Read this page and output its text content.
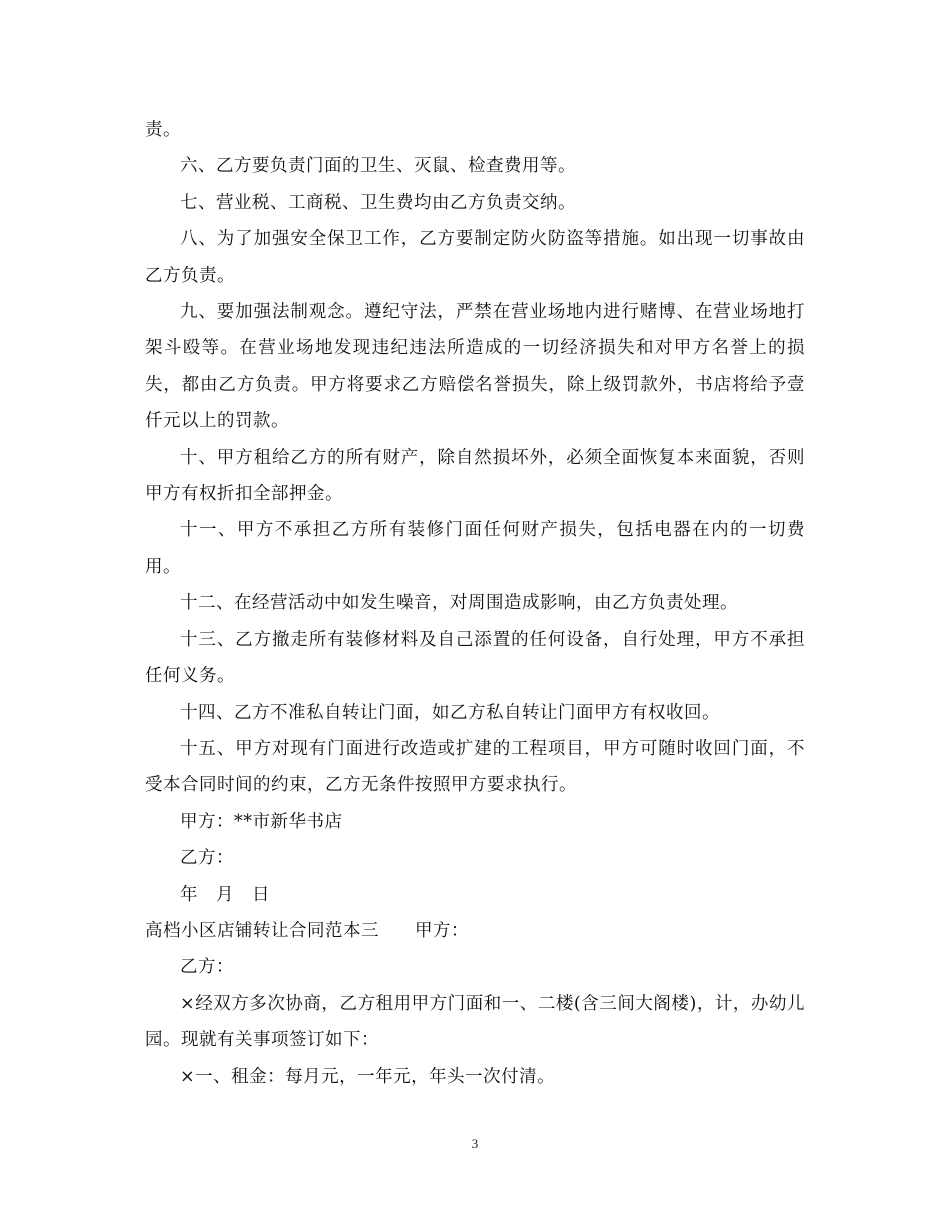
责。

六、乙方要负责门面的卫生、灭鼠、检查费用等。

七、营业税、工商税、卫生费均由乙方负责交纳。

八、为了加强安全保卫工作，乙方要制定防火防盗等措施。如出现一切事故由乙方负责。

九、要加强法制观念。遵纪守法，严禁在营业场地内进行赌博、在营业场地打架斗殴等。在营业场地发现违纪违法所造成的一切经济损失和对甲方名誉上的损失，都由乙方负责。甲方将要求乙方赔偿名誉损失，除上级罚款外，书店将给予壹仟元以上的罚款。

十、甲方租给乙方的所有财产，除自然损坏外，必须全面恢复本来面貌，否则甲方有权折扣全部押金。

十一、甲方不承担乙方所有装修门面任何财产损失，包括电器在内的一切费用。

十二、在经营活动中如发生噪音，对周围造成影响，由乙方负责处理。

十三、乙方撤走所有装修材料及自己添置的任何设备，自行处理，甲方不承担任何义务。

十四、乙方不准私自转让门面，如乙方私自转让门面甲方有权收回。

十五、甲方对现有门面进行改造或扩建的工程项目，甲方可随时收回门面，不受本合同时间的约束，乙方无条件按照甲方要求执行。

甲方：**市新华书店

乙方：

年　月　日

高档小区店铺转让合同范本三 甲方：

乙方：

×经双方多次协商，乙方租用甲方门面和一、二楼(含三间大阁楼)，计，办幼儿园。现就有关事项签订如下：

×一、租金：每月元，一年元，年头一次付清。

3
